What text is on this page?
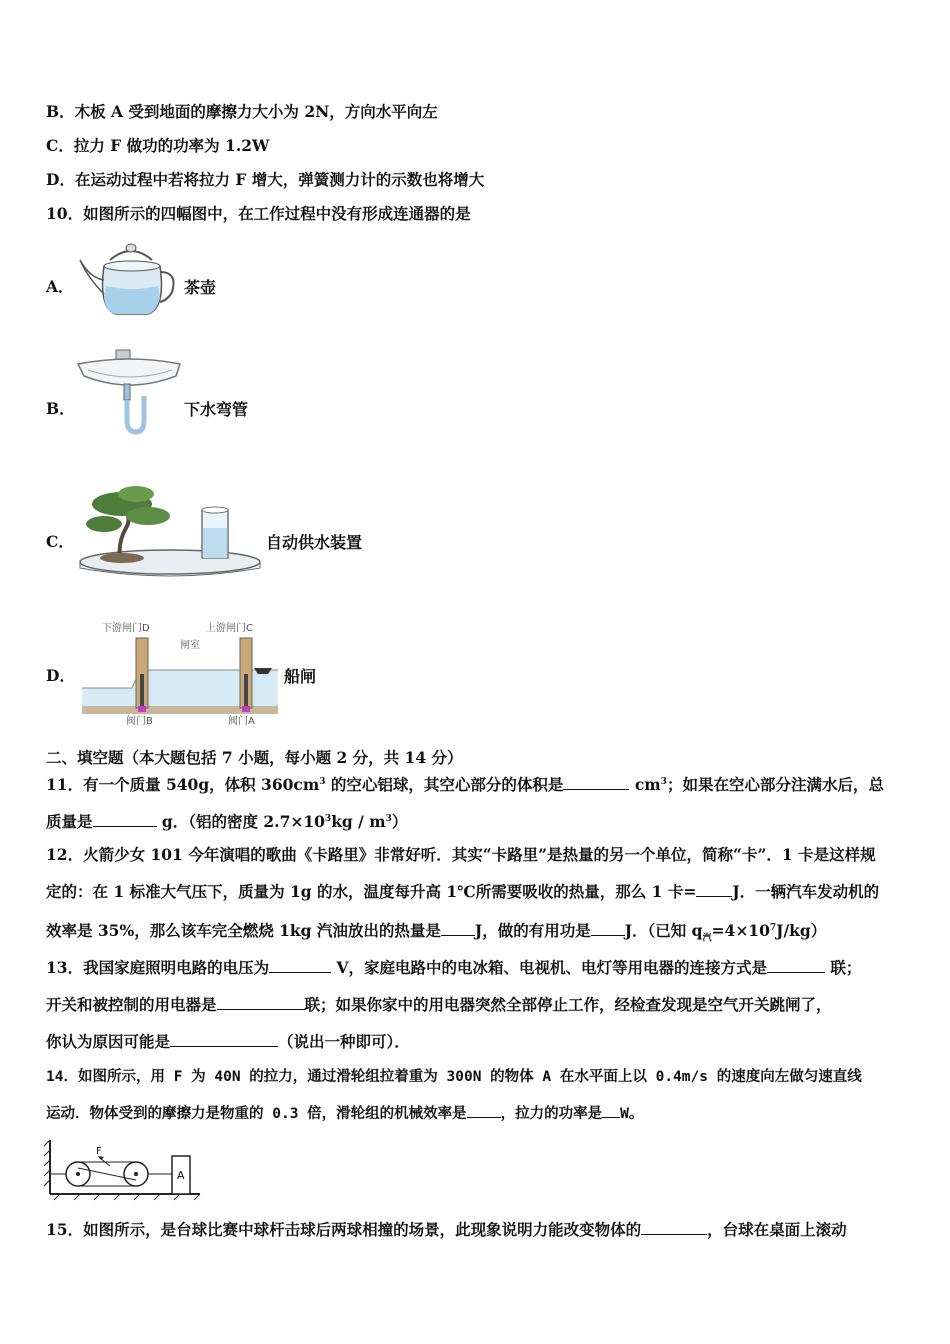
B．木板 A 受到地面的摩擦力大小为 2N，方向水平向左
C．拉力 F 做功的功率为 1.2W
D．在运动过程中若将拉力 F 增大，弹簧测力计的示数也将增大
10．如图所示的四幅图中，在工作过程中没有形成连通器的是
A．	茶壶
B．	下水弯管
C．	自动供水装置
D．
下游闸门D	上游闸门C
闸室
阀门B	阀门A
船闸
二、填空题（本大题包括 7 小题，每小题 2 分，共 14 分）
11．有一个质量 540g，体积 $360cm^3$ 的空心铝球，其空心部分的体积是	$cm^3$；如果在空心部分注满水后，总
质量是	g．（铝的密度 $2.7\times 10^3kg / m^3$）
12．火箭少女 101 今年演唱的歌曲《卡路里》非常好听．其实“卡路里”是热量的另一个单位，简称“卡”．1 卡是这样规
定的：在 1 标准大气压下，质量为 1g 的水，温度每升高 1℃所需要吸收的热量，那么 1 卡= J．一辆汽车发动机的
效率是 35%，那么该车完全燃烧 1kg 汽油放出的热量是 J，做的有用功是 J．（已知 $q_汽=4\times 10^7J/kg$）
13．我国家庭照明电路的电压为	V，家庭电路中的电冰箱、电视机、电灯等用电器的连接方式是	联；
开关和被控制的用电器是	联；如果你家中的用电器突然全部停止工作，经检查发现是空气开关跳闸了，
你认为原因可能是	（说出一种即可）．
14．如图所示，用 F 为 40N 的拉力，通过滑轮组拉着重为 300N 的物体 A 在水平面上以 0.4m/s 的速度向左做匀速直线
运动．物体受到的摩擦力是物重的 0.3 倍，滑轮组的机械效率是 ，拉力的功率是 W。
F
A
15．如图所示，是台球比赛中球杆击球后两球相撞的场景，此现象说明力能改变物体的	，台球在桌面上滚动
